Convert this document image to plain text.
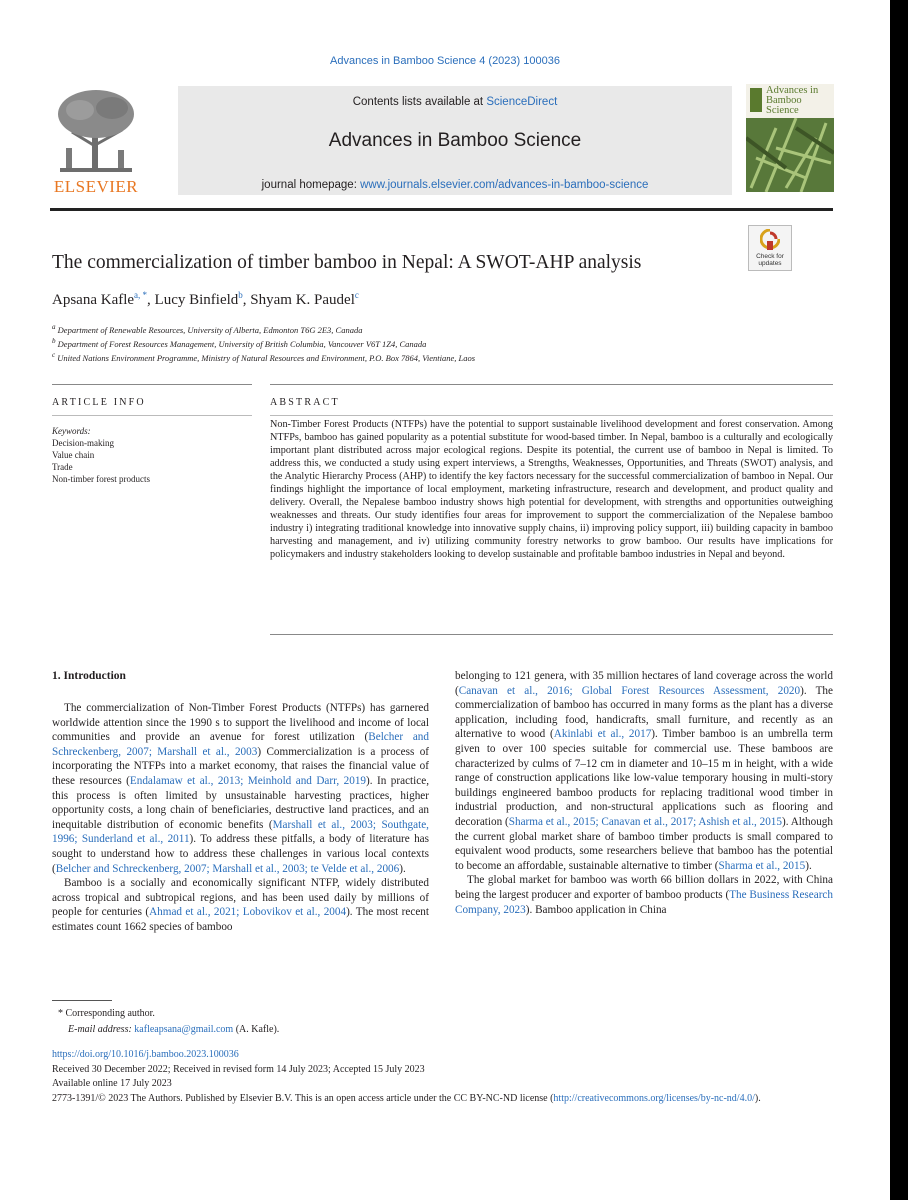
Advances in Bamboo Science 4 (2023) 100036
ELSEVIER
Contents lists available at ScienceDirect
Advances in Bamboo Science
journal homepage: www.journals.elsevier.com/advances-in-bamboo-science
Advances in
Bamboo Science
Check for updates
The commercialization of timber bamboo in Nepal: A SWOT-AHP analysis
Apsana Kafle$^{a, *}$, Lucy Binfield$^b$, Shyam K. Paudel$^c$
$^a$ Department of Renewable Resources, University of Alberta, Edmonton T6G 2E3, Canada
$^b$ Department of Forest Resources Management, University of British Columbia, Vancouver V6T 1Z4, Canada
$^c$ United Nations Environment Programme, Ministry of Natural Resources and Environment, P.O. Box 7864, Vientiane, Laos
ARTICLE INFO	ABSTRACT
Keywords:
Decision-making
Value chain
Trade
Non-timber forest products
Non-Timber Forest Products (NTFPs) have the potential to support sustainable livelihood development and forest conservation. Among NTFPs, bamboo has gained popularity as a potential substitute for wood-based timber. In Nepal, bamboo is a culturally and ecologically important plant distributed across major ecological regions. Despite its potential, the current use of bamboo in Nepal is limited. To address this, we conducted a study using expert interviews, a Strengths, Weaknesses, Opportunities, and Threats (SWOT) analysis, and the Analytic Hierarchy Process (AHP) to identify the key factors necessary for the successful commercialization of bamboo in Nepal. Our findings highlight the importance of local employment, marketing infrastructure, research and development, and product quality and delivery. Overall, the Nepalese bamboo industry shows high potential for development, with strengths and opportunities outweighing weaknesses and threats. Our study identifies four areas for improvement to support the commercialization of the Nepalese bamboo industry i) integrating traditional knowledge into innovative supply chains, ii) improving policy support, iii) building capacity in bamboo harvesting and management, and iv) utilizing community forestry networks to grow bamboo. Our results have implications for policymakers and industry stakeholders looking to develop sustainable and profitable bamboo industries in Nepal and beyond.
1. Introduction

The commercialization of Non-Timber Forest Products (NTFPs) has garnered worldwide attention since the 1990 s to support the livelihood and income of local communities and provide an avenue for forest utilization (Belcher and Schreckenberg, 2007; Marshall et al., 2003) Commercialization is a process of incorporating the NTFPs into a market economy, that raises the financial value of these resources (Endalamaw et al., 2013; Meinhold and Darr, 2019). In practice, this process is often limited by unsustainable harvesting practices, higher opportunity costs, a long chain of beneficiaries, destructive land practices, and an inequitable distribution of economic benefits (Marshall et al., 2003; Southgate, 1996; Sunderland et al., 2011). To address these pitfalls, a body of literature has sought to understand how to address these challenges in various local contexts (Belcher and Schreckenberg, 2007; Marshall et al., 2003; te Velde et al., 2006).

Bamboo is a socially and economically significant NTFP, widely distributed across tropical and subtropical regions, and has been used daily by millions of people for centuries (Ahmad et al., 2021; Lobovikov et al., 2004). The most recent estimates count 1662 species of bamboo

belonging to 121 genera, with 35 million hectares of land coverage across the world (Canavan et al., 2016; Global Forest Resources Assessment, 2020). The commercialization of bamboo has occurred in many forms as the plant has a diverse application, including food, handicrafts, small furniture, and recently as an alternative to wood (Akinlabi et al., 2017). Timber bamboo is an umbrella term given to over 100 species suitable for commercial use. These bamboos are characterized by culms of 7–12 cm in diameter and 10–15 m in height, with a wide range of construction applications like low-value temporary housing in multi-story buildings engineered bamboo products for replacing traditional wood timber in industrial production, and non-structural applications such as flooring and decoration (Sharma et al., 2015; Canavan et al., 2017; Ashish et al., 2015). Although the current global market share of bamboo timber products is small compared to equivalent wood products, some researchers believe that bamboo has the potential to become an affordable, sustainable alternative to timber (Sharma et al., 2015).

The global market for bamboo was worth 66 billion dollars in 2022, with China being the largest producer and exporter of bamboo products (The Business Research Company, 2023). Bamboo application in China

* Corresponding author.
E-mail address: kafleapsana@gmail.com (A. Kafle).
https://doi.org/10.1016/j.bamboo.2023.100036
Received 30 December 2022; Received in revised form 14 July 2023; Accepted 15 July 2023
Available online 17 July 2023
2773-1391/© 2023 The Authors. Published by Elsevier B.V. This is an open access article under the CC BY-NC-ND license (http://creativecommons.org/licenses/by-nc-nd/4.0/).
